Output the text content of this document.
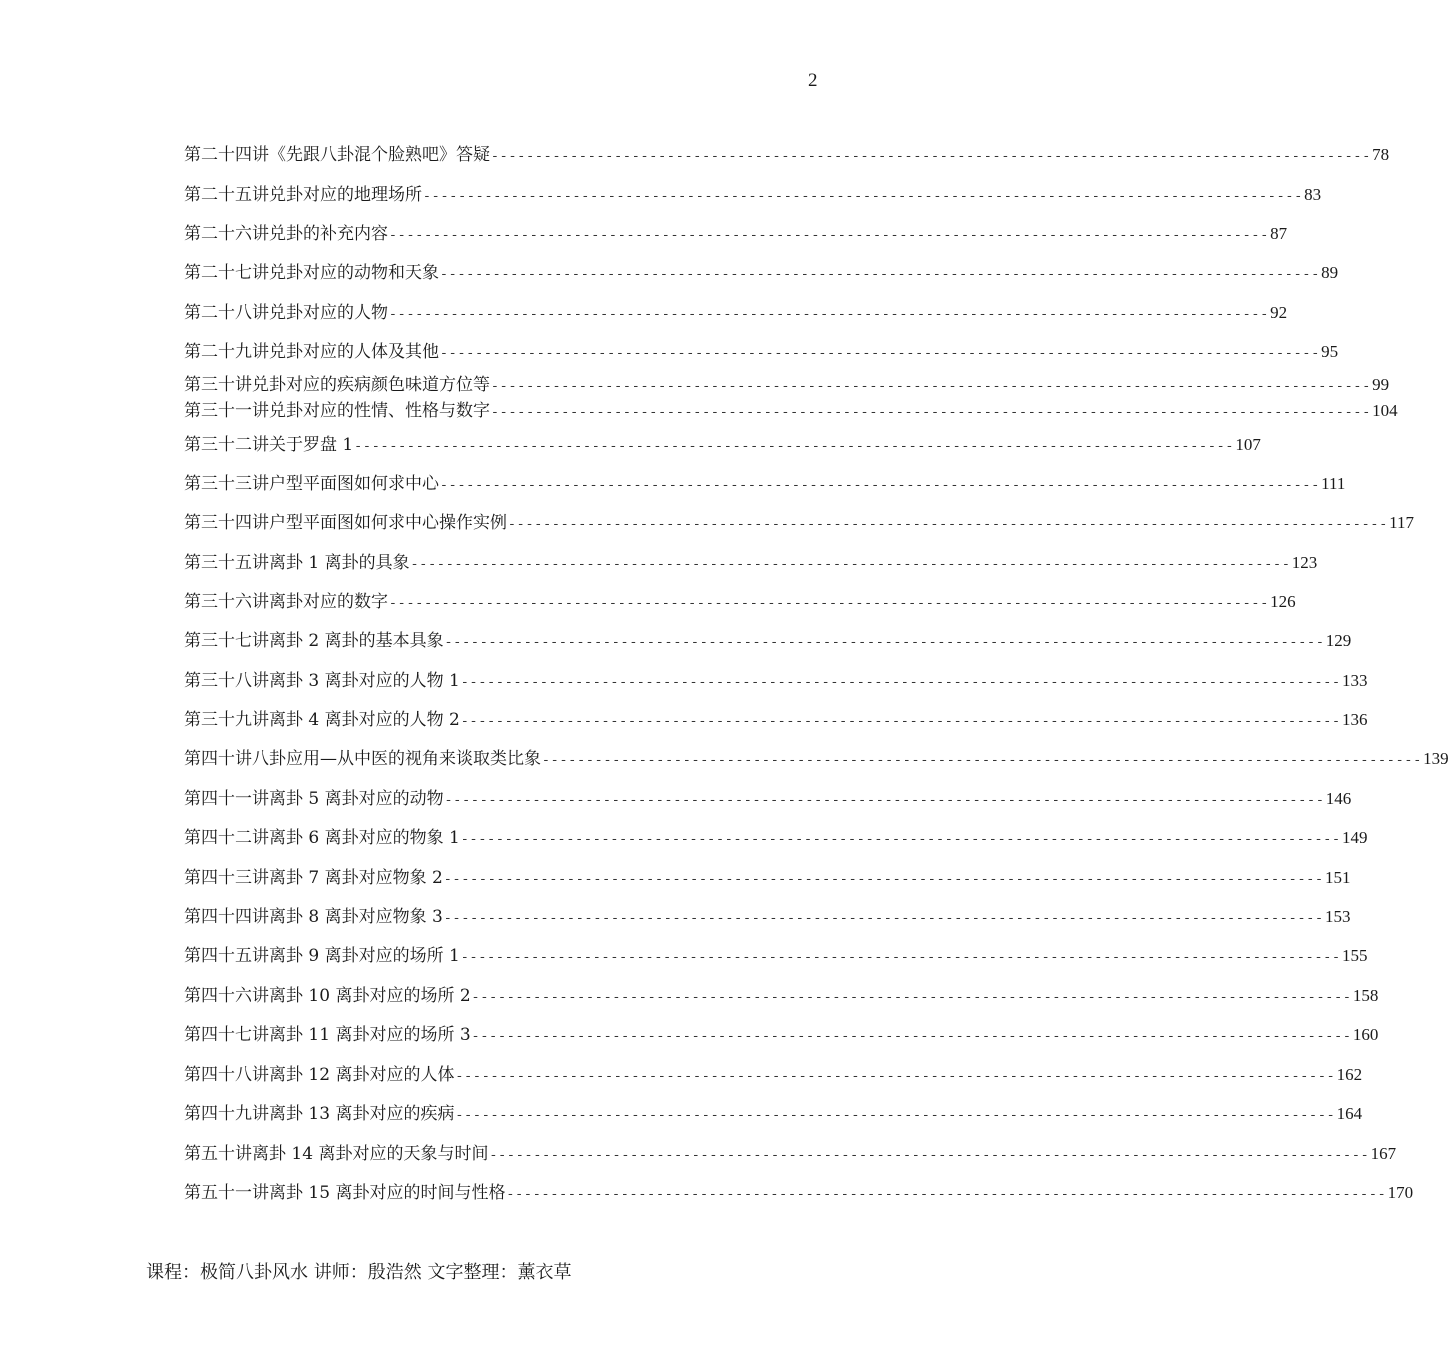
2
第二十四讲《先跟八卦混个脸熟吧》答疑 ---------------------------------------------------------------------------------------------------- 78
第二十五讲兑卦对应的地理场所 ---------------------------------------------------------------------------------------------------- 83
第二十六讲兑卦的补充内容 ---------------------------------------------------------------------------------------------------- 87
第二十七讲兑卦对应的动物和天象 ---------------------------------------------------------------------------------------------------- 89
第二十八讲兑卦对应的人物 ---------------------------------------------------------------------------------------------------- 92
第二十九讲兑卦对应的人体及其他 ---------------------------------------------------------------------------------------------------- 95
第三十讲兑卦对应的疾病颜色味道方位等 ---------------------------------------------------------------------------------------------------- 99
第三十一讲兑卦对应的性情、性格与数字 ---------------------------------------------------------------------------------------------------- 104
第三十二讲关于罗盘 1 ---------------------------------------------------------------------------------------------------- 107
第三十三讲户型平面图如何求中心 ---------------------------------------------------------------------------------------------------- 111
第三十四讲户型平面图如何求中心操作实例 ---------------------------------------------------------------------------------------------------- 117
第三十五讲离卦 1 离卦的具象 ---------------------------------------------------------------------------------------------------- 123
第三十六讲离卦对应的数字 ---------------------------------------------------------------------------------------------------- 126
第三十七讲离卦 2 离卦的基本具象 ---------------------------------------------------------------------------------------------------- 129
第三十八讲离卦 3 离卦对应的人物 1 ---------------------------------------------------------------------------------------------------- 133
第三十九讲离卦 4 离卦对应的人物 2 ---------------------------------------------------------------------------------------------------- 136
第四十讲八卦应用—从中医的视角来谈取类比象 ---------------------------------------------------------------------------------------------------- 139
第四十一讲离卦 5 离卦对应的动物 ---------------------------------------------------------------------------------------------------- 146
第四十二讲离卦 6 离卦对应的物象 1 ---------------------------------------------------------------------------------------------------- 149
第四十三讲离卦 7 离卦对应物象 2 ---------------------------------------------------------------------------------------------------- 151
第四十四讲离卦 8 离卦对应物象 3 ---------------------------------------------------------------------------------------------------- 153
第四十五讲离卦 9 离卦对应的场所 1 ---------------------------------------------------------------------------------------------------- 155
第四十六讲离卦 10 离卦对应的场所 2 ---------------------------------------------------------------------------------------------------- 158
第四十七讲离卦 11 离卦对应的场所 3 ---------------------------------------------------------------------------------------------------- 160
第四十八讲离卦 12 离卦对应的人体 ---------------------------------------------------------------------------------------------------- 162
第四十九讲离卦 13 离卦对应的疾病 ---------------------------------------------------------------------------------------------------- 164
第五十讲离卦 14 离卦对应的天象与时间 ---------------------------------------------------------------------------------------------------- 167
第五十一讲离卦 15 离卦对应的时间与性格 ---------------------------------------------------------------------------------------------------- 170
课程：极简八卦风水 讲师：殷浩然 文字整理：薰衣草
